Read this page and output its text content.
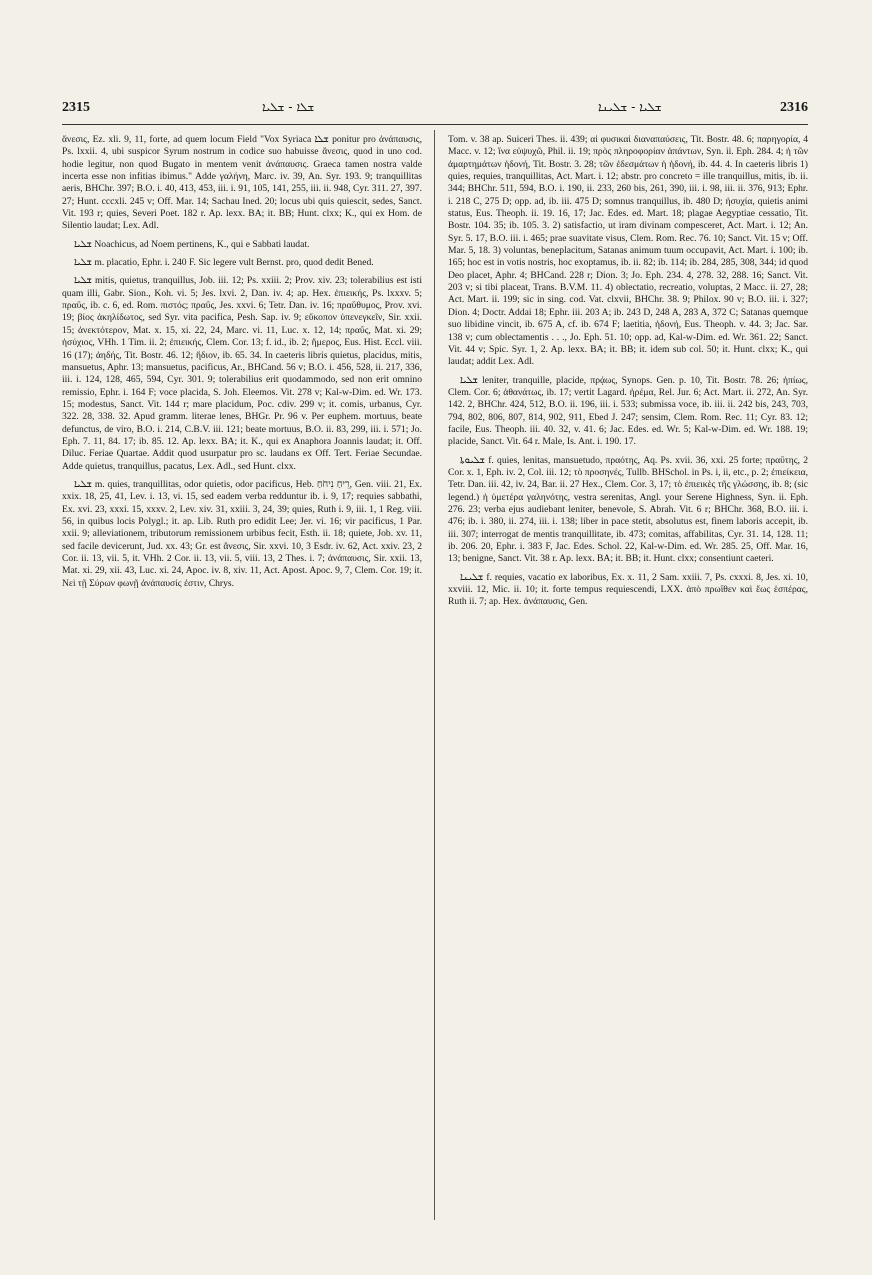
2315	ܫܠܐ - ܫܠܝܐ	ܫܠܝܐ - ܫܠܝܢܐ	2316

ἄνεσις, Ez. xli. 9, 11, forte, ad quem locum Field "Vox Syriaca ܫܠܐ ponitur pro ἀνάπαυσις, Ps. lxxii. 4, ubi suspicor Syrum nostrum in codice suo habuisse ἄνεσις, quod in uno cod. hodie legitur, non quod Bugato in mentem venit ἀνάπαυσις. Graeca tamen nostra valde incerta esse non infitias ibimus." Adde γαλήνη, Marc. iv. 39, An. Syr. 193. 9; tranquillitas aeris, BHChr. 397; B.O. i. 40, 413, 453, iii. i. 91, 105, 141, 255, iii. ii. 948, Cyr. 311. 27, 397. 27; Hunt. cccxli. 245 v; Off. Mar. 14; Sachau Ined. 20; locus ubi quis quiescit, sedes, Sanct. Vit. 193 r; quies, Severi Poet. 182 r. Ap. lexx. BA; it. BB; Hunt. clxx; K., qui ex Hom. de Silentio laudat; Lex. Adl.

ܫܠܝܐ Noachicus, ad Noem pertinens, K., qui e Sabbati laudat.

ܫܠܝܐ m. placatio, Ephr. i. 240 F. Sic legere vult Bernst. pro, quod dedit Bened.

ܫܠܝܐ mitis, quietus, tranquillus, Job. iii. 12; Ps. xxiii. 2; Prov. xiv. 23; tolerabilius est isti quam illi, Gabr. Sion., Koh. vi. 5; Jes. lxvi. 2, Dan. iv. 4; ap. Hex. ἐπιεικής, Ps. lxxxv. 5; πραΰς, ib. c. 6, ed. Rom. πιστός; πραΰς, Jes. xxvi. 6; Tetr. Dan. iv. 16; πραΰθυμος, Prov. xvi. 19; βίος ἀκηλίδωτος, sed Syr. vita pacifica, Pesh. Sap. iv. 9; εὔκοπον ὑπενεγκεῖν, Sir. xxii. 15; ἀνεκτότερον, Mat. x. 15, xi. 22, 24, Marc. vi. 11, Luc. x. 12, 14; πραΰς, Mat. xi. 29; ἡσύχιος, VHh. 1 Tim. ii. 2; ἐπιεικής, Clem. Cor. 13; f. id., ib. 2; ἤμερος, Eus. Hist. Eccl. viii. 16 (17); ἀηδής, Tit. Bostr. 46. 12; ἥδιον, ib. 65. 34. In caeteris libris quietus, placidus, mitis, mansuetus, Aphr. 13; mansuetus, pacificus, Ar., BHCand. 56 v; B.O. i. 456, 528, ii. 217, 336, iii. i. 124, 128, 465, 594, Cyr. 301. 9; tolerabilius erit quodammodo, sed non erit omnino remissio, Ephr. i. 164 F; voce placida, S. Joh. Eleemos. Vit. 278 v; Kal-w-Dim. ed. Wr. 173. 15; modestus, Sanct. Vit. 144 r; mare placidum, Poc. cdiv. 299 v; it. comis, urbanus, Cyr. 322. 28, 338. 32. Apud gramm. literae lenes, BHGr. Pr. 96 v. Per euphem. mortuus, beate defunctus, de viro, B.O. i. 214, C.B.V. iii. 121; beate mortuus, B.O. ii. 83, 299, iii. i. 571; Jo. Eph. 7. 11, 84. 17; ib. 85. 12. Ap. lexx. BA; it. K., qui ex Anaphora Joannis laudat; it. Off. Diluc. Feriae Quartae. Addit quod usurpatur pro sc. laudans ex Off. Tert. Feriae Secundae. Adde quietus, tranquillus, pacatus, Lex. Adl., sed Hunt. clxx.

ܫܠܝܐ m. quies, tranquillitas, odor quietis, odor pacificus, Heb. רֵיחַ נִיחֹחַ, Gen. viii. 21, Ex. xxix. 18, 25, 41, Lev. i. 13, vi. 15, sed eadem verba redduntur ib. i. 9, 17; requies sabbathi, Ex. xvi. 23, xxxi. 15, xxxv. 2, Lev. xiv. 31, xxiii. 3, 24, 39; quies, Ruth i. 9, iii. 1, 1 Reg. viii. 56, in quibus locis Polygl.; it. ap. Lib. Ruth pro edidit Lee; Jer. vi. 16; vir pacificus, 1 Par. xxii. 9; alleviationem, tributorum remissionem urbibus fecit, Esth. ii. 18; quiete, Job. xv. 11, sed facile devicerunt, Jud. xx. 43; Gr. est ἄνεσις, Sir. xxvi. 10, 3 Esdr. iv. 62, Act. xxiv. 23, 2 Cor. ii. 13, vii. 5, it. VHh. 2 Cor. ii. 13, vii. 5, viii. 13, 2 Thes. i. 7; ἀνάπαυσις, Sir. xxii. 13, Mat. xi. 29, xii. 43, Luc. xi. 24, Apoc. iv. 8, xiv. 11, Act. Apost. Apoc. 9, 7, Clem. Cor. 19; it. Νεὶ τῇ Σύρων φωνῇ ἀνάπαυσίς ἐστιν, Chrys.

Tom. v. 38 ap. Suiceri Thes. ii. 439; αἱ φυσικαὶ διαναπαύσεις, Tit. Bostr. 48. 6; παρηγορία, 4 Macc. v. 12; ἵνα εὐψυχῶ, Phil. ii. 19; πρὸς πληροφορίαν ἁπάντων, Syn. ii. Eph. 284. 4; ἡ τῶν ἁμαρτημάτων ἡδονή, Tit. Bostr. 3. 28; τῶν ἐδεσμάτων ἡ ἡδονή, ib. 44. 4. In caeteris libris 1) quies, requies, tranquillitas, Act. Mart. i. 12; abstr. pro concreto = ille tranquillus, mitis, ib. ii. 344; BHChr. 511, 594, B.O. i. 190, ii. 233, 260 bis, 261, 390, iii. i. 98, iii. ii. 376, 913; Ephr. i. 218 C, 275 D; opp. ad, ib. iii. 475 D; somnus tranquillus, ib. 480 D; ἡσυχία, quietis animi status, Eus. Theoph. ii. 19. 16, 17; Jac. Edes. ed. Mart. 18; plagae Aegyptiae cessatio, Tit. Bostr. 104. 35; ib. 105. 3. 2) satisfactio, ut iram divinam compesceret, Act. Mart. i. 12; An. Syr. 5. 17, B.O. iii. i. 465; prae suavitate visus, Clem. Rom. Rec. 76. 10; Sanct. Vit. 15 v; Off. Mar. 5, 18. 3) voluntas, beneplacitum, Satanas animum tuum occupavit, Act. Mart. i. 100; ib. 165; hoc est in votis nostris, hoc exoptamus, ib. ii. 82; ib. 114; ib. 284, 285, 308, 344; id quod Deo placet, Aphr. 4; BHCand. 228 r; Dion. 3; Jo. Eph. 234. 4, 278. 32, 288. 16; Sanct. Vit. 203 v; si tibi placeat, Trans. B.V.M. 11. 4) oblectatio, recreatio, voluptas, 2 Macc. ii. 27, 28; Act. Mart. ii. 199; sic in sing. cod. Vat. clxvii, BHChr. 38. 9; Philox. 90 v; B.O. iii. i. 327; Dion. 4; Doctr. Addai 18; Ephr. iii. 203 A; ib. 243 D, 248 A, 283 A, 372 C; Satanas quemque suo libidine vincit, ib. 675 A, cf. ib. 674 F; laetitia, ἡδονή, Eus. Theoph. v. 44. 3; Jac. Sar. 138 v; cum oblectamentis . . ., Jo. Eph. 51. 10; opp. ad, Kal-w-Dim. ed. Wr. 361. 22; Sanct. Vit. 44 v; Spic. Syr. 1, 2. Ap. lexx. BA; it. BB; it. idem sub col. 50; it. Hunt. clxx; K., qui laudat; addit Lex. Adl.

ܫܠܝܐ leniter, tranquille, placide, πρᾴως, Synops. Gen. p. 10, Tit. Bostr. 78. 26; ἠπίως, Clem. Cor. 6; ἀθανάτως, ib. 17; vertit Lagard. ἠρέμα, Rel. Jur. 6; Act. Mart. ii. 272, An. Syr. 142. 2, BHChr. 424, 512, B.O. ii. 196, iii. i. 533; submissa voce, ib. iii. ii. 242 bis, 243, 703, 794, 802, 806, 807, 814, 902, 911, Ebed J. 247; sensim, Clem. Rom. Rec. 11; Cyr. 83. 12; facile, Eus. Theoph. iii. 40. 32, v. 41. 6; Jac. Edes. ed. Wr. 5; Kal-w-Dim. ed. Wr. 188. 19; placide, Sanct. Vit. 64 r. Male, Is. Ant. i. 190. 17.

ܫܠܝܘܬܐ f. quies, lenitas, mansuetudo, πραότης, Aq. Ps. xvii. 36, xxi. 25 forte; πραΰτης, 2 Cor. x. 1, Eph. iv. 2, Col. iii. 12; τὸ προσηνές, Tullb. BHSchol. in Ps. i, ii, etc., p. 2; ἐπιείκεια, Tetr. Dan. iii. 42, iv. 24, Bar. ii. 27 Hex., Clem. Cor. 3, 17; τὸ ἐπιεικὲς τῆς γλώσσης, ib. 8; (sic legend.) ἡ ὑμετέρα γαληνότης, vestra serenitas, Angl. your Serene Highness, Syn. ii. Eph. 276. 23; verba ejus audiebant leniter, benevole, S. Abrah. Vit. 6 r; BHChr. 368, B.O. iii. i. 476; ib. i. 380, ii. 274, iii. i. 138; liber in pace stetit, absolutus est, finem laboris accepit, ib. iii. 307; interrogat de mentis tranquillitate, ib. 473; comitas, affabilitas, Cyr. 31. 14, 128. 11; ib. 206. 20, Ephr. i. 383 F, Jac. Edes. Schol. 22, Kal-w-Dim. ed. Wr. 285. 25, Off. Mar. 16, 13; benigne, Sanct. Vit. 38 r. Ap. lexx. BA; it. BB; it. Hunt. clxx; consentiunt caeteri.

ܫܠܝܢܐ f. requies, vacatio ex laboribus, Ex. x. 11, 2 Sam. xxiii. 7, Ps. cxxxi. 8, Jes. xi. 10, xxviii. 12, Mic. ii. 10; it. forte tempus requiescendi, LXX. ἀπὸ πρωΐθεν καὶ ἕως ἑσπέρας, Ruth ii. 7; ap. Hex. ἀνάπαυσις, Gen.
